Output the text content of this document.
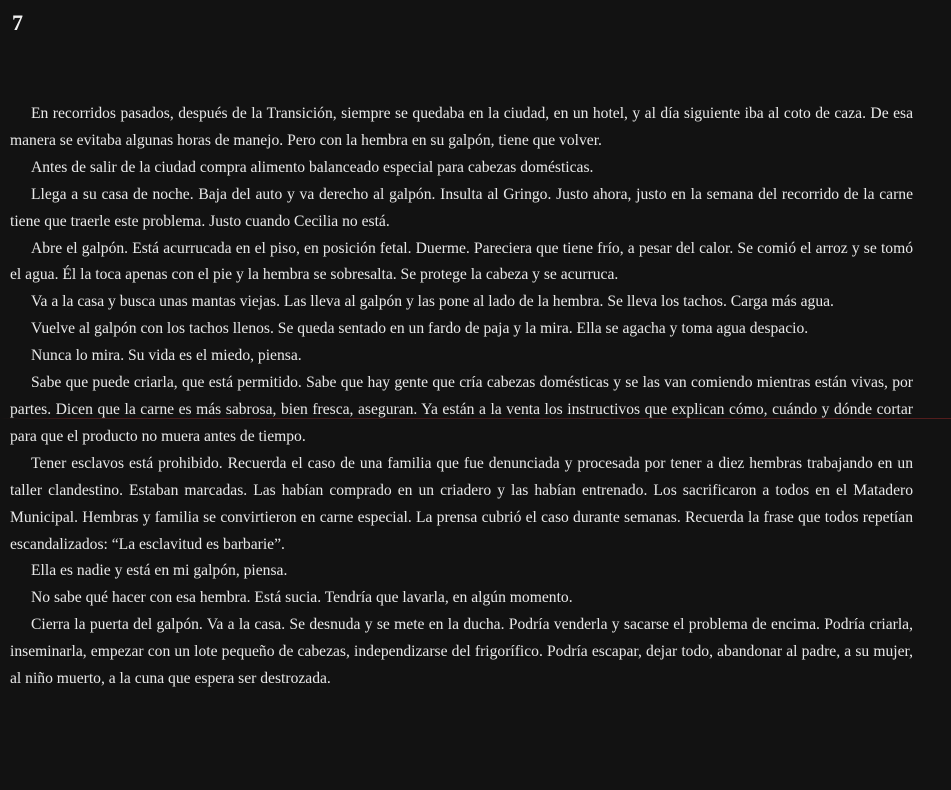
7

En recorridos pasados, después de la Transición, siempre se quedaba en la ciudad, en un hotel, y al día siguiente iba al coto de caza. De esa manera se evitaba algunas horas de manejo. Pero con la hembra en su galpón, tiene que volver.

Antes de salir de la ciudad compra alimento balanceado especial para cabezas domésticas.

Llega a su casa de noche. Baja del auto y va derecho al galpón. Insulta al Gringo. Justo ahora, justo en la semana del recorrido de la carne tiene que traerle este problema. Justo cuando Cecilia no está.

Abre el galpón. Está acurrucada en el piso, en posición fetal. Duerme. Pareciera que tiene frío, a pesar del calor. Se comió el arroz y se tomó el agua. Él la toca apenas con el pie y la hembra se sobresalta. Se protege la cabeza y se acurruca.

Va a la casa y busca unas mantas viejas. Las lleva al galpón y las pone al lado de la hembra. Se lleva los tachos. Carga más agua.

Vuelve al galpón con los tachos llenos. Se queda sentado en un fardo de paja y la mira. Ella se agacha y toma agua despacio.

Nunca lo mira. Su vida es el miedo, piensa.

Sabe que puede criarla, que está permitido. Sabe que hay gente que cría cabezas domésticas y se las van comiendo mientras están vivas, por partes. Dicen que la carne es más sabrosa, bien fresca, aseguran. Ya están a la venta los instructivos que explican cómo, cuándo y dónde cortar para que el producto no muera antes de tiempo.

Tener esclavos está prohibido. Recuerda el caso de una familia que fue denunciada y procesada por tener a diez hembras trabajando en un taller clandestino. Estaban marcadas. Las habían comprado en un criadero y las habían entrenado. Los sacrificaron a todos en el Matadero Municipal. Hembras y familia se convirtieron en carne especial. La prensa cubrió el caso durante semanas. Recuerda la frase que todos repetían escandalizados: “La esclavitud es barbarie”.

Ella es nadie y está en mi galpón, piensa.

No sabe qué hacer con esa hembra. Está sucia. Tendría que lavarla, en algún momento.

Cierra la puerta del galpón. Va a la casa. Se desnuda y se mete en la ducha. Podría venderla y sacarse el problema de encima. Podría criarla, inseminarla, empezar con un lote pequeño de cabezas, independizarse del frigorífico. Podría escapar, dejar todo, abandonar al padre, a su mujer, al niño muerto, a la cuna que espera ser destrozada.
